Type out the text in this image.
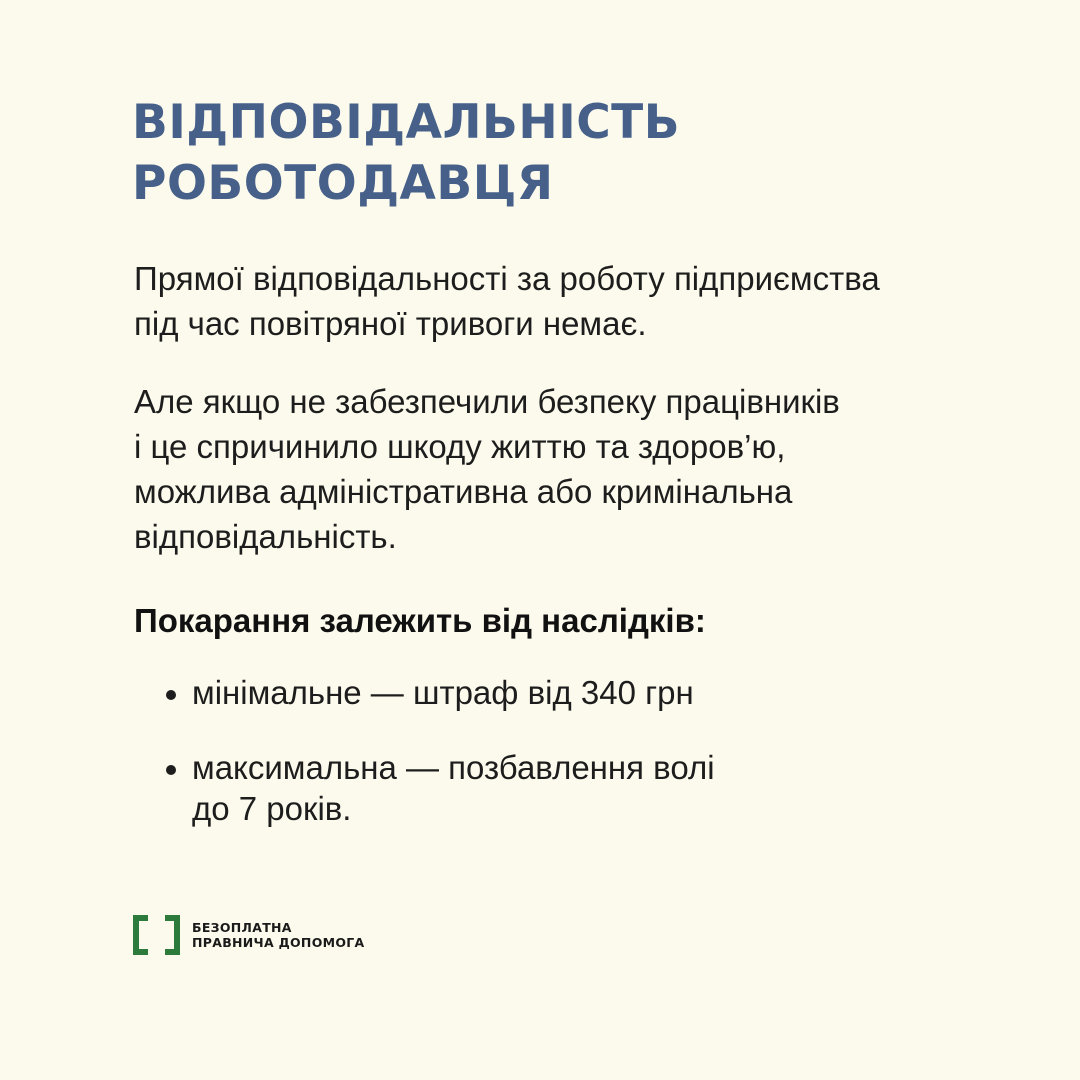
ВІДПОВІДАЛЬНІСТЬ
РОБОТОДАВЦЯ

Прямої відповідальності за роботу підприємства
під час повітряної тривоги немає.

Але якщо не забезпечили безпеку працівників
і це спричинило шкоду життю та здоров’ю,
можлива адміністративна або кримінальна
відповідальність.

Покарання залежить від наслідків:

мінімальне — штраф від 340 грн
максимальна — позбавлення волі
до 7 років.
БЕЗОПЛАТНА
ПРАВНИЧА ДОПОМОГА
